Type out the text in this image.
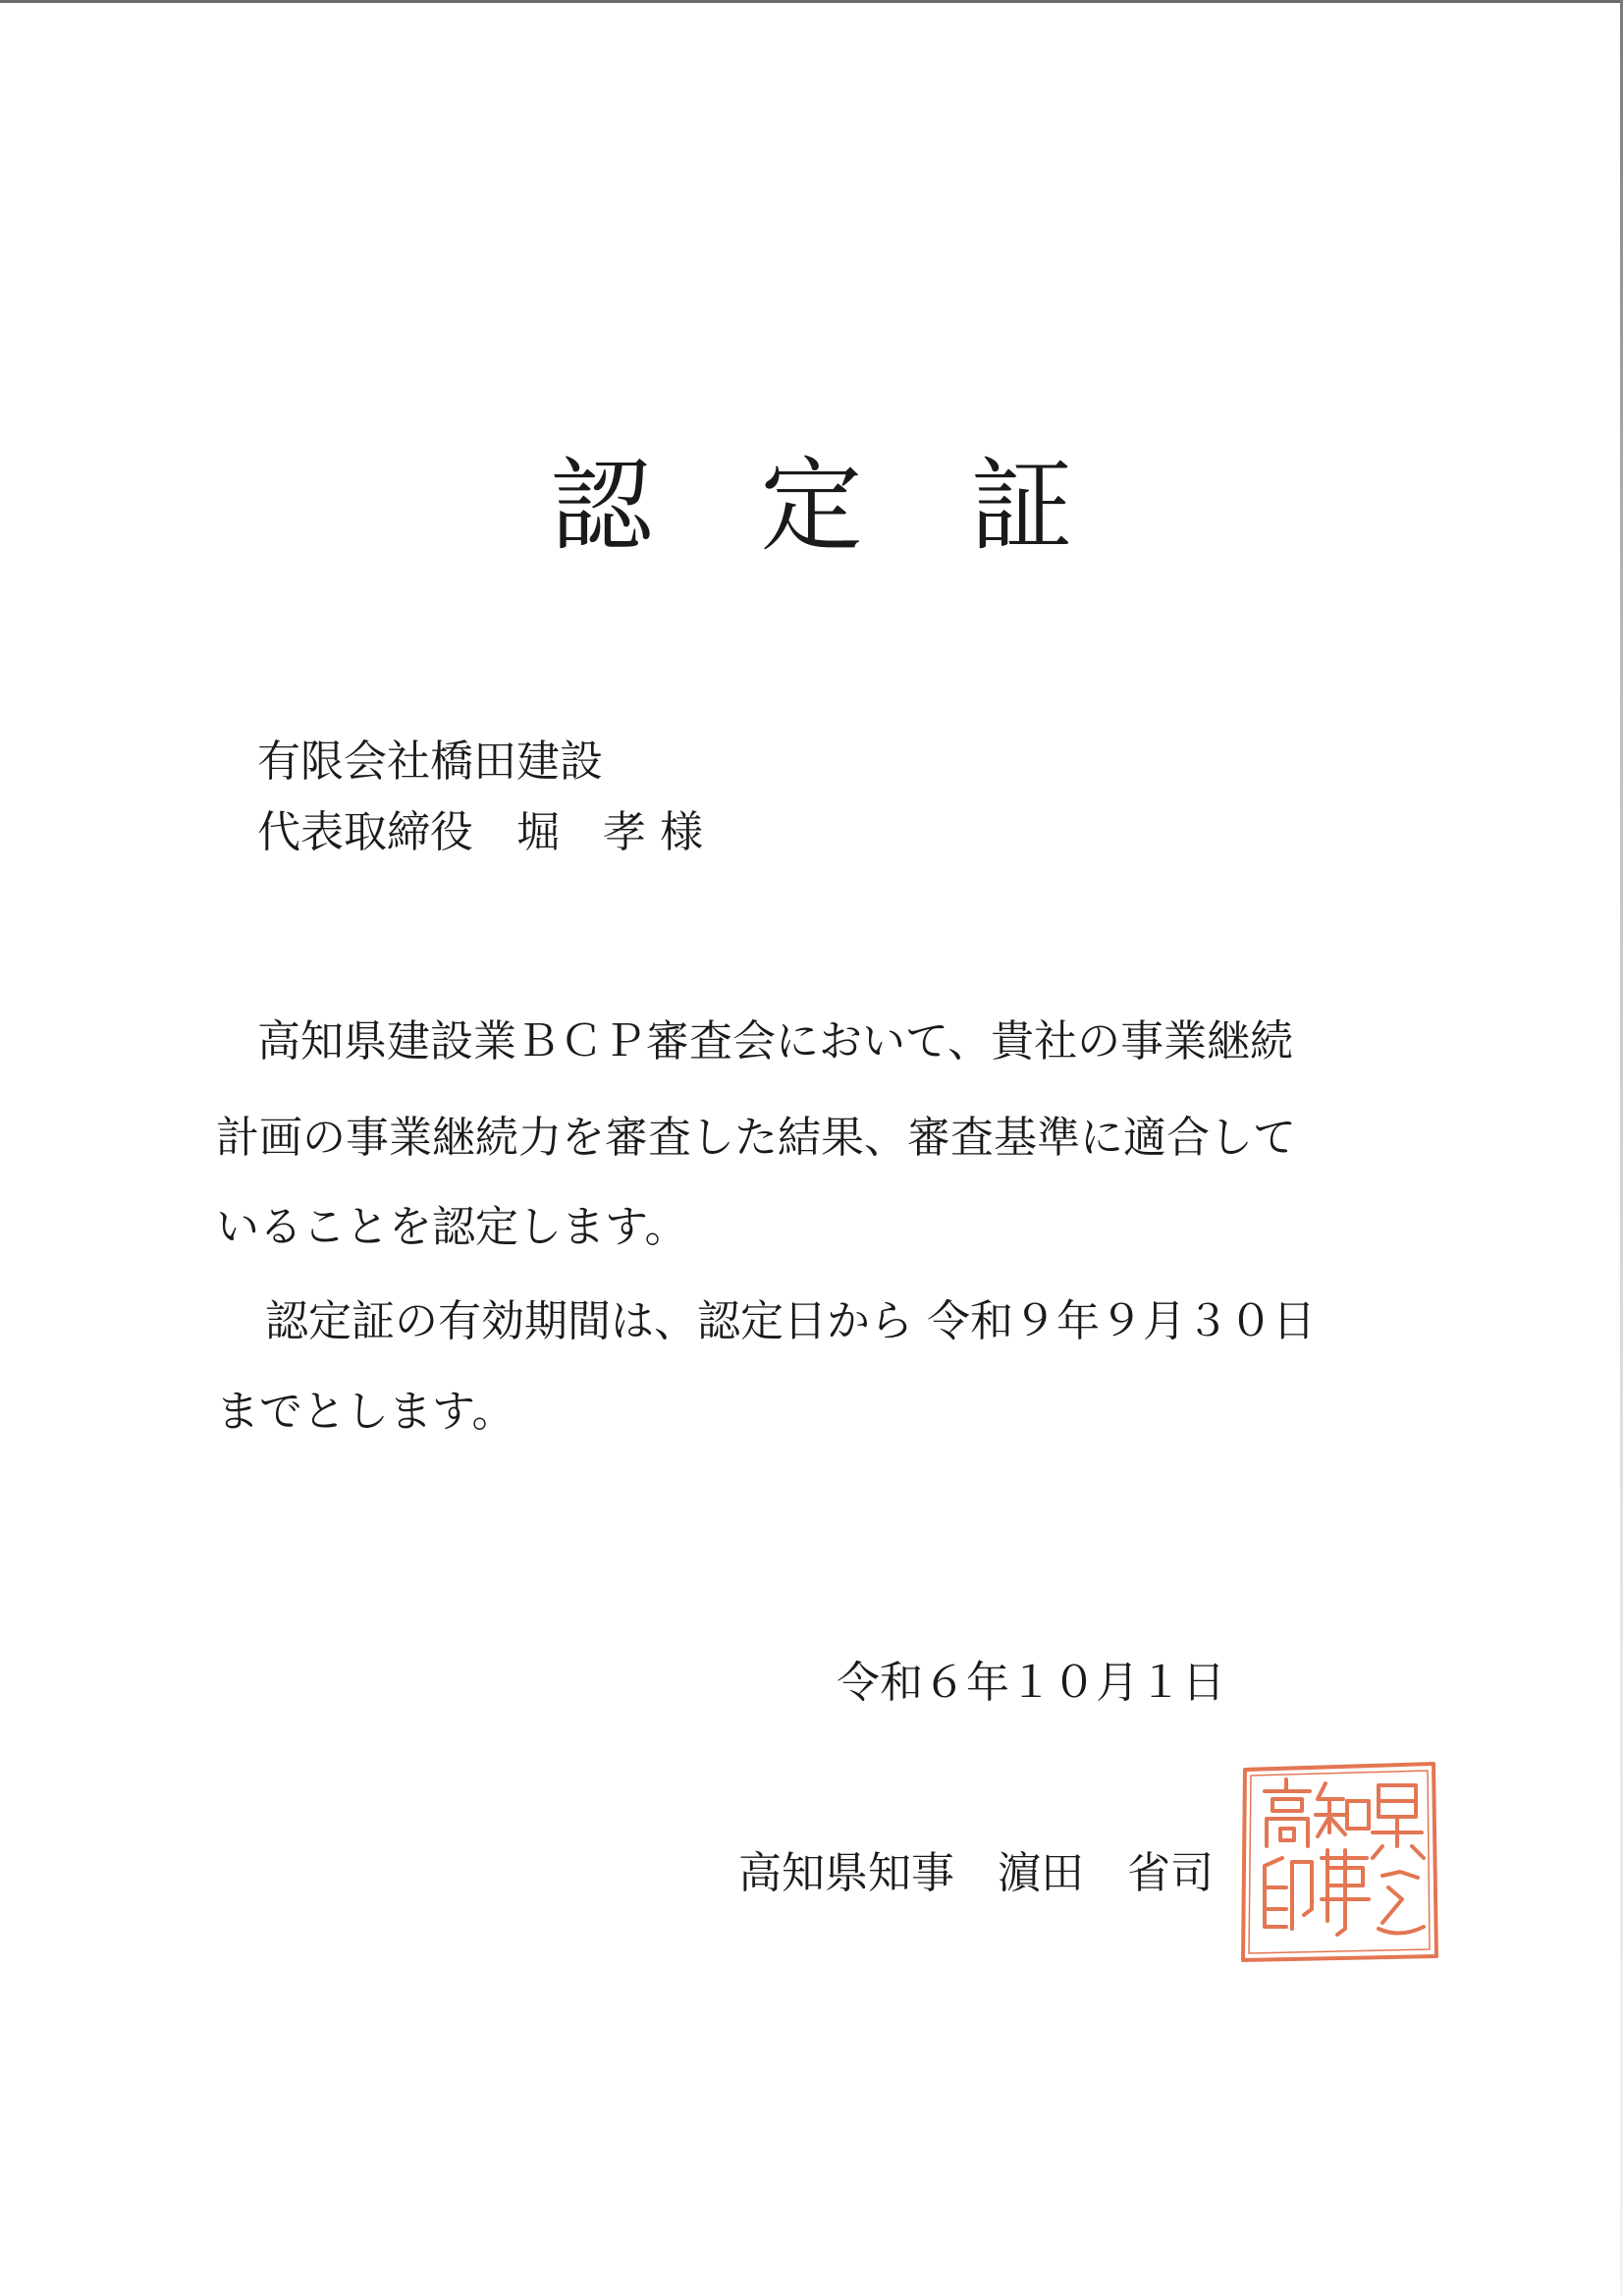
認定証
有限会社橋田建設
代表取締役　堀　孝 様
高知県建設業ＢＣＰ審査会において、貴社の事業継続
計画の事業継続力を審査した結果、審査基準に適合して
いることを認定します。
認定証の有効期間は、認定日から 令和９年９月３０日
までとします。
令和６年１０月１日
高知県知事　濵田　省司
